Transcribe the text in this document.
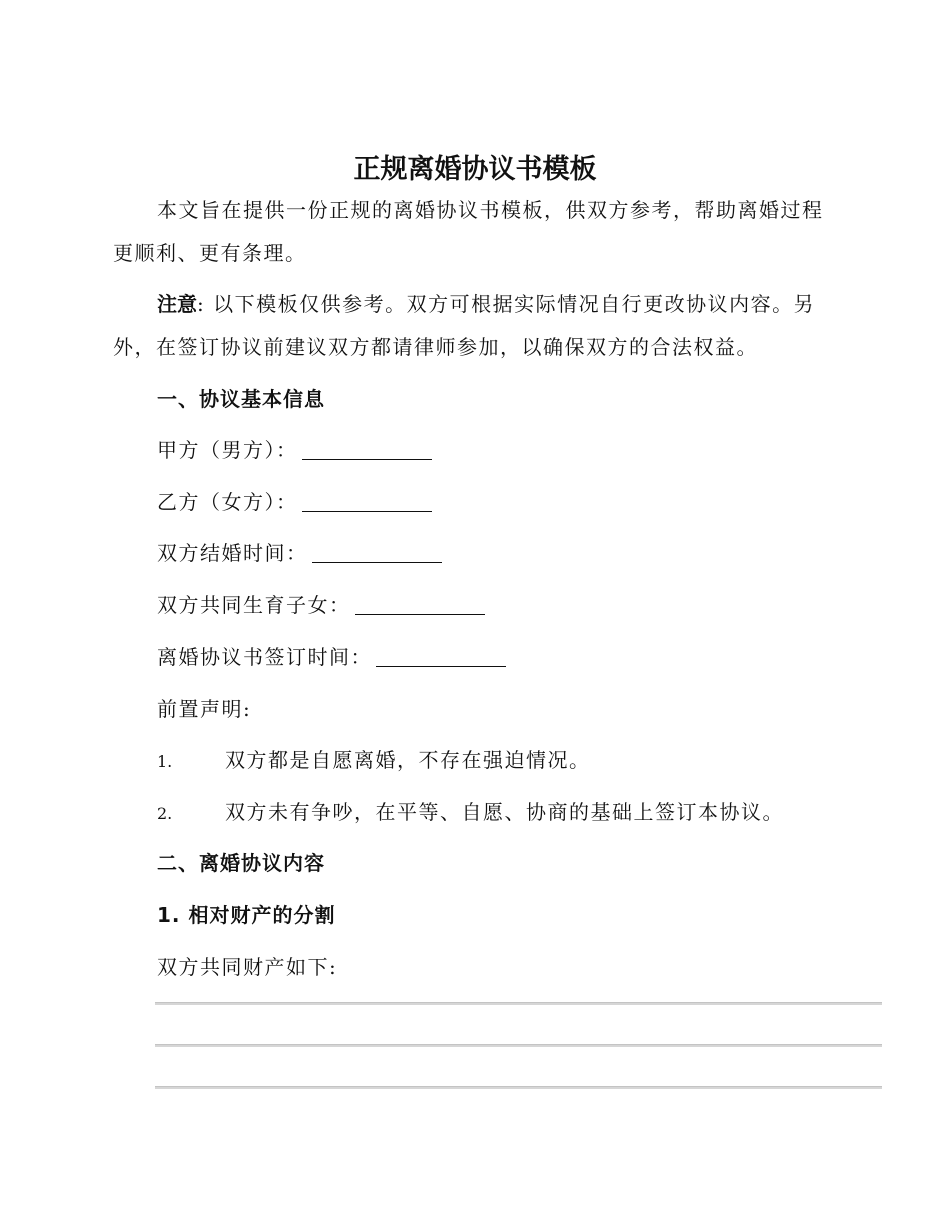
正规离婚协议书模板

本文旨在提供一份正规的离婚协议书模板，供双方参考，帮助离婚过程更顺利、更有条理。

注意: 以下模板仅供参考。双方可根据实际情况自行更改协议内容。另外，在签订协议前建议双方都请律师参加，以确保双方的合法权益。

一、协议基本信息
甲方（男方）：
乙方（女方）：
双方结婚时间：
双方共同生育子女：
离婚协议书签订时间：
前置声明:
1.	双方都是自愿离婚，不存在强迫情况。
2.	双方未有争吵，在平等、自愿、协商的基础上签订本协议。
二、离婚协议内容
1. 相对财产的分割
双方共同财产如下:
